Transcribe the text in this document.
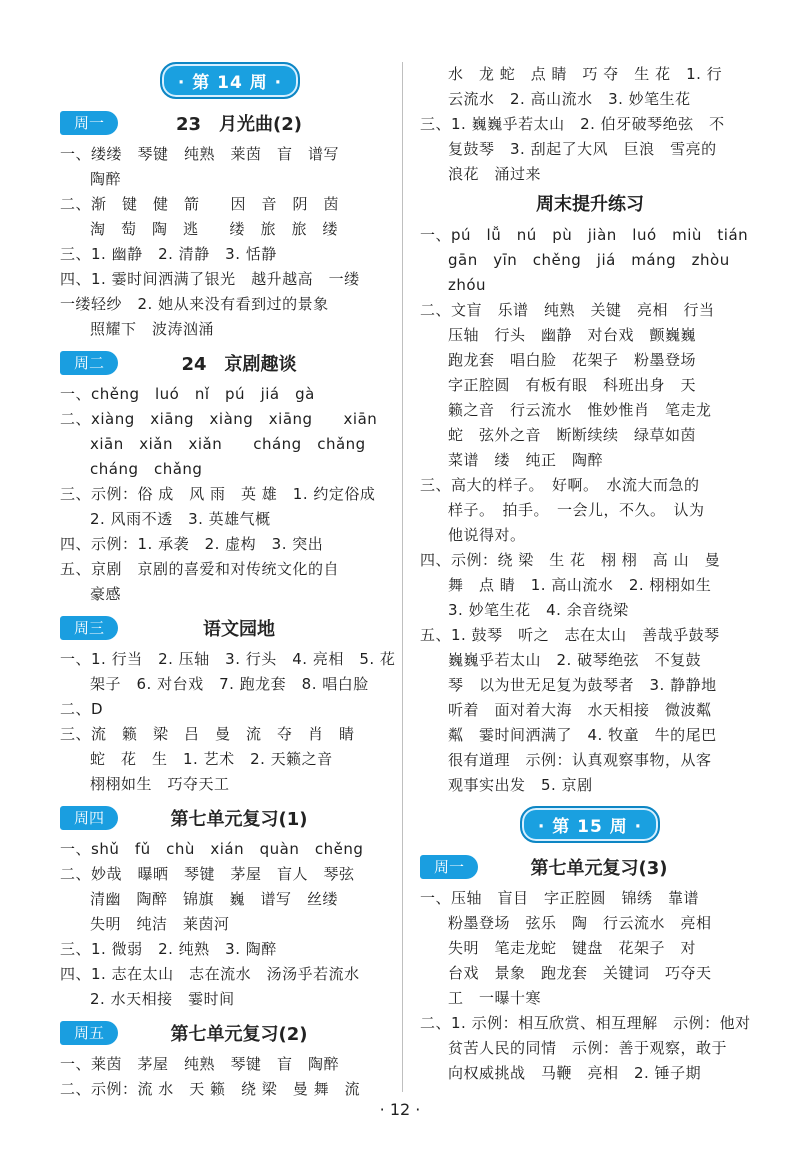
· 第 14 周 ·
周一	23　月光曲(2)

一、缕缕　琴键　纯熟　莱茵　盲　谱写

陶醉

二、渐　键　健　箭　　因　音　阴　茵

淘　萄　陶　逃　　缕　旅　旅　缕

三、1. 幽静　2. 清静　3. 恬静

四、1. 霎时间洒满了银光　越升越高　一缕

一缕轻纱　2. 她从来没有看到过的景象

照耀下　波涛汹涌

周二	24　京剧趣谈

一、chěng　luó　nǐ　pú　jiá　gà

二、xiàng　xiāng　xiàng　xiāng　　xiān

xiān　xiǎn　xiǎn　　cháng　chǎng

cháng　chǎng

三、示例：俗 成　风 雨　英 雄　1. 约定俗成

2. 风雨不透　3. 英雄气概

四、示例：1. 承袭　2. 虚构　3. 突出

五、京剧　京剧的喜爱和对传统文化的自

豪感

周三	语文园地

一、1. 行当　2. 压轴　3. 行头　4. 亮相　5. 花

架子　6. 对台戏　7. 跑龙套　8. 唱白脸

二、D

三、流　籁　梁　吕　曼　流　夺　肖　睛

蛇　花　生　1. 艺术　2. 天籁之音

栩栩如生　巧夺天工

周四	第七单元复习(1)

一、shǔ　fǔ　chù　xián　quàn　chěng

二、妙哉　曝晒　琴键　茅屋　盲人　琴弦

清幽　陶醉　锦旗　巍　谱写　丝缕

失明　纯洁　莱茵河

三、1. 微弱　2. 纯熟　3. 陶醉

四、1. 志在太山　志在流水　汤汤乎若流水

2. 水天相接　霎时间

周五	第七单元复习(2)

一、莱茵　茅屋　纯熟　琴键　盲　陶醉

二、示例：流 水　天 籁　绕 梁　曼 舞　流

水　龙 蛇　点 睛　巧 夺　生 花　1. 行

云流水　2. 高山流水　3. 妙笔生花

三、1. 巍巍乎若太山　2. 伯牙破琴绝弦　不

复鼓琴　3. 刮起了大风　巨浪　雪亮的

浪花　涌过来

周末提升练习

一、pú　lǚ　nú　pù　jiàn　luó　miù　tián

gān　yīn　chěng　jiá　máng　zhòu

zhóu

二、文盲　乐谱　纯熟　关键　亮相　行当

压轴　行头　幽静　对台戏　颤巍巍

跑龙套　唱白脸　花架子　粉墨登场

字正腔圆　有板有眼　科班出身　天

籁之音　行云流水　惟妙惟肖　笔走龙

蛇　弦外之音　断断续续　绿草如茵

菜谱　缕　纯正　陶醉

三、高大的样子。　好啊。　水流大而急的

样子。　拍手。　一会儿，不久。　认为

他说得对。

四、示例：绕 梁　生 花　栩 栩　高 山　曼

舞　点 睛　1. 高山流水　2. 栩栩如生

3. 妙笔生花　4. 余音绕梁

五、1. 鼓琴　听之　志在太山　善哉乎鼓琴

巍巍乎若太山　2. 破琴绝弦　不复鼓

琴　以为世无足复为鼓琴者　3. 静静地

听着　面对着大海　水天相接　微波粼

粼　霎时间洒满了　4. 牧童　牛的尾巴

很有道理　示例：认真观察事物，从客

观事实出发　5. 京剧

· 第 15 周 ·
周一	第七单元复习(3)

一、压轴　盲目　字正腔圆　锦绣　靠谱

粉墨登场　弦乐　陶　行云流水　亮相

失明　笔走龙蛇　键盘　花架子　对

台戏　景象　跑龙套　关键词　巧夺天

工　一曝十寒

二、1. 示例：相互欣赏、相互理解　示例：他对

贫苦人民的同情　示例：善于观察，敢于

向权威挑战　马鞭　亮相　2. 锤子期

· 12 ·
